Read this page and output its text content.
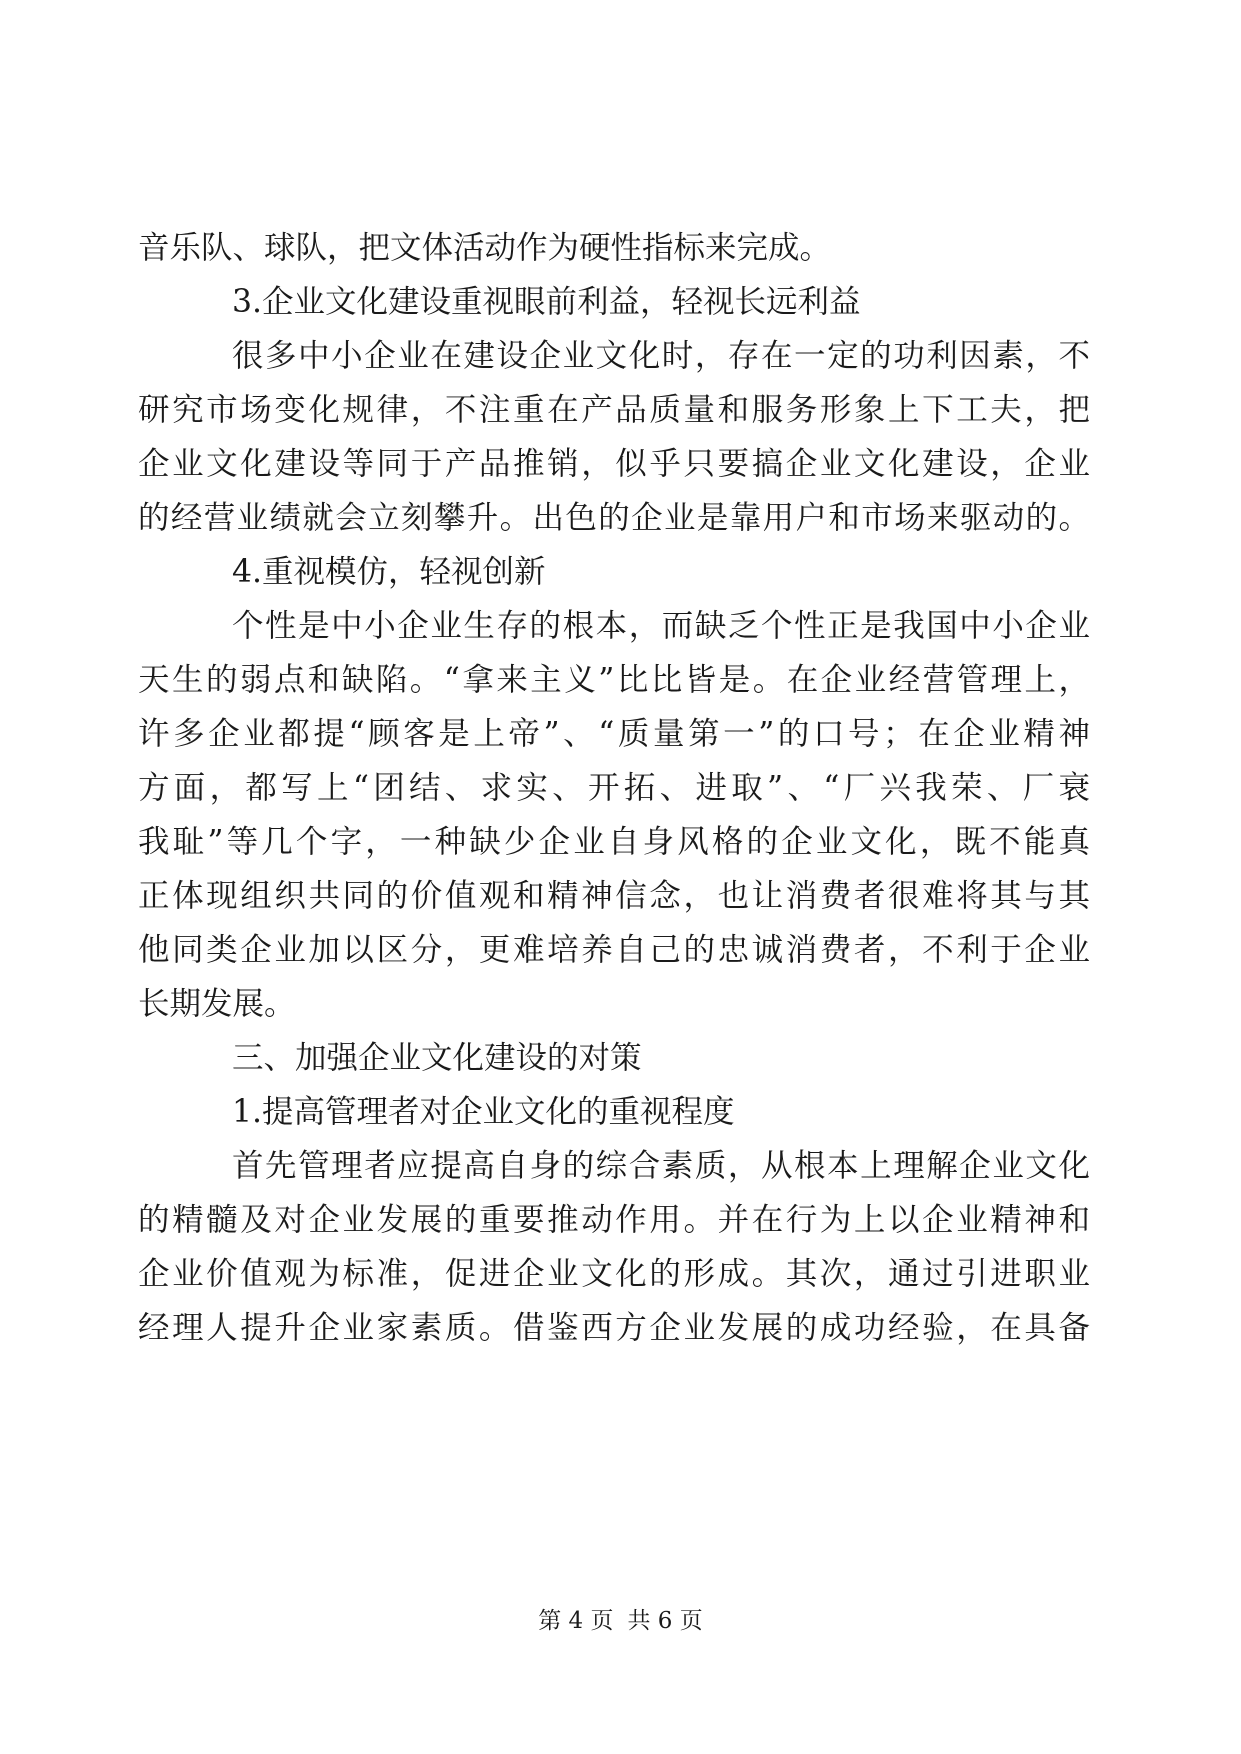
音乐队、球队，把文体活动作为硬性指标来完成。
3.企业文化建设重视眼前利益，轻视长远利益
很多中小企业在建设企业文化时，存在一定的功利因素，不
研究市场变化规律，不注重在产品质量和服务形象上下工夫，把
企业文化建设等同于产品推销，似乎只要搞企业文化建设，企业
的经营业绩就会立刻攀升。出色的企业是靠用户和市场来驱动的。
4.重视模仿，轻视创新
个性是中小企业生存的根本，而缺乏个性正是我国中小企业
天生的弱点和缺陷。“拿来主义”比比皆是。在企业经营管理上，
许多企业都提“顾客是上帝”、“质量第一”的口号；在企业精神
方面，都写上“团结、求实、开拓、进取”、“厂兴我荣、厂衰
我耻”等几个字，一种缺少企业自身风格的企业文化，既不能真
正体现组织共同的价值观和精神信念，也让消费者很难将其与其
他同类企业加以区分，更难培养自己的忠诚消费者，不利于企业
长期发展。
三、加强企业文化建设的对策
1.提高管理者对企业文化的重视程度
首先管理者应提高自身的综合素质，从根本上理解企业文化
的精髓及对企业发展的重要推动作用。并在行为上以企业精神和
企业价值观为标准，促进企业文化的形成。其次，通过引进职业
经理人提升企业家素质。借鉴西方企业发展的成功经验，在具备
第 4 页 共 6 页
